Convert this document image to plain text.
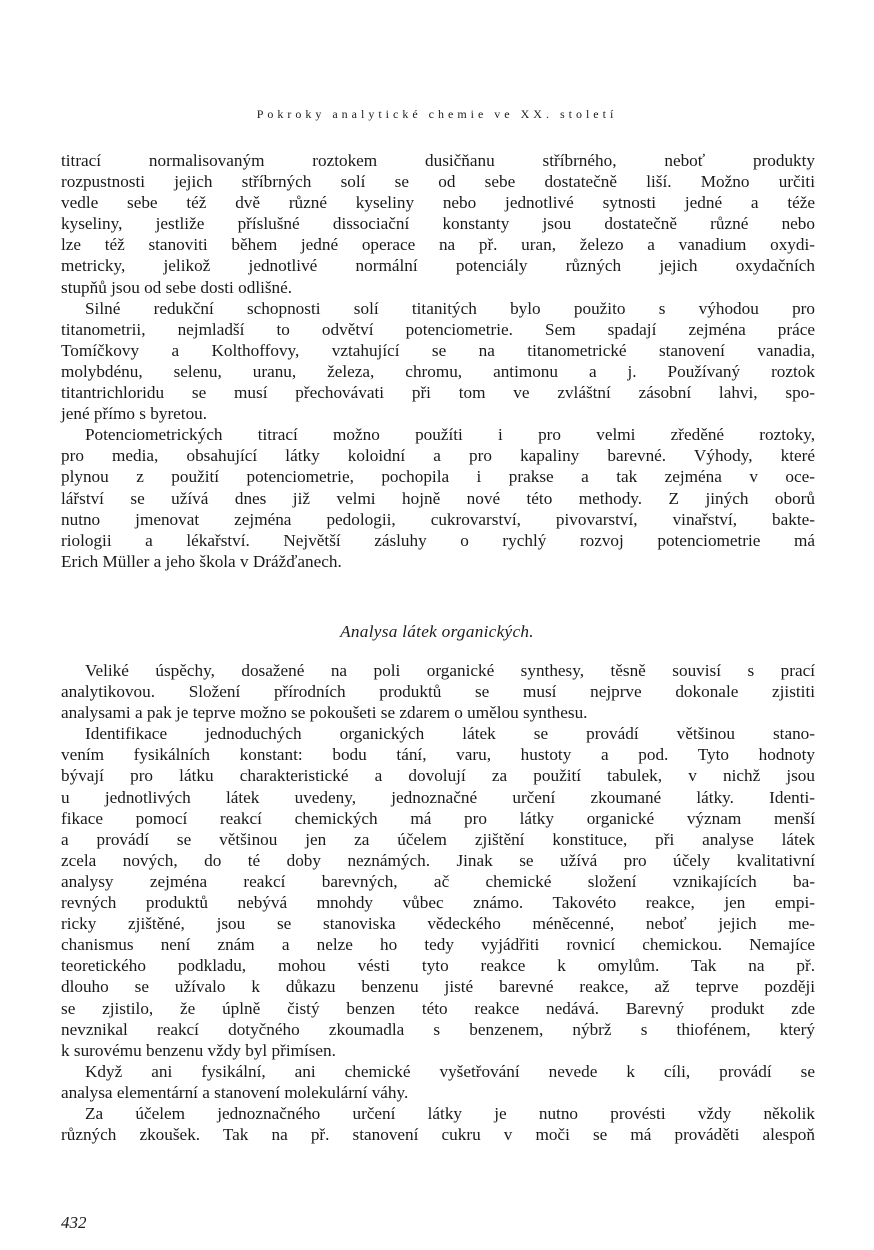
Pokroky analytické chemie ve XX. století
titrací normalisovaným roztokem dusičňanu stříbrného, neboť produkty
rozpustnosti jejich stříbrných solí se od sebe dostatečně liší. Možno určiti
vedle sebe též dvě různé kyseliny nebo jednotlivé sytnosti jedné a téže
kyseliny, jestliže příslušné dissociační konstanty jsou dostatečně různé nebo
lze též stanoviti během jedné operace na př. uran, železo a vanadium oxydi-
metricky, jelikož jednotlivé normální potenciály různých jejich oxydačních
stupňů jsou od sebe dosti odlišné.
Silné redukční schopnosti solí titanitých bylo použito s výhodou pro
titanometrii, nejmladší to odvětví potenciometrie. Sem spadají zejména práce
Tomíčkovy a Kolthoffovy, vztahující se na titanometrické stanovení vanadia,
molybdénu, selenu, uranu, železa, chromu, antimonu a j. Používaný roztok
titantrichloridu se musí přechovávati při tom ve zvláštní zásobní lahvi, spo-
jené přímo s byretou.
Potenciometrických titrací možno použíti i pro velmi zředěné roztoky,
pro media, obsahující látky koloidní a pro kapaliny barevné. Výhody, které
plynou z použití potenciometrie, pochopila i prakse a tak zejména v oce-
lářství se užívá dnes již velmi hojně nové této methody. Z jiných oborů
nutno jmenovat zejména pedologii, cukrovarství, pivovarství, vinařství, bakte-
riologii a lékařství. Největší zásluhy o rychlý rozvoj potenciometrie má
Erich Müller a jeho škola v Drážďanech.
Analysa látek organických.
Veliké úspěchy, dosažené na poli organické synthesy, těsně souvisí s prací
analytikovou. Složení přírodních produktů se musí nejprve dokonale zjistiti
analysami a pak je teprve možno se pokoušeti se zdarem o umělou synthesu.
Identifikace jednoduchých organických látek se provádí většinou stano-
vením fysikálních konstant: bodu tání, varu, hustoty a pod. Tyto hodnoty
bývají pro látku charakteristické a dovolují za použití tabulek, v nichž jsou
u jednotlivých látek uvedeny, jednoznačné určení zkoumané látky. Identi-
fikace pomocí reakcí chemických má pro látky organické význam menší
a provádí se většinou jen za účelem zjištění konstituce, při analyse látek
zcela nových, do té doby neznámých. Jinak se užívá pro účely kvalitativní
analysy zejména reakcí barevných, ač chemické složení vznikajících ba-
revných produktů nebývá mnohdy vůbec známo. Takovéto reakce, jen empi-
ricky zjištěné, jsou se stanoviska vědeckého méněcenné, neboť jejich me-
chanismus není znám a nelze ho tedy vyjádřiti rovnicí chemickou. Nemajíce
teoretického podkladu, mohou vésti tyto reakce k omylům. Tak na př.
dlouho se užívalo k důkazu benzenu jisté barevné reakce, až teprve později
se zjistilo, že úplně čistý benzen této reakce nedává. Barevný produkt zde
nevznikal reakcí dotyčného zkoumadla s benzenem, nýbrž s thiofénem, který
k surovému benzenu vždy byl přimísen.
Když ani fysikální, ani chemické vyšetřování nevede k cíli, provádí se
analysa elementární a stanovení molekulární váhy.
Za účelem jednoznačného určení látky je nutno provésti vždy několik
různých zkoušek. Tak na př. stanovení cukru v moči se má prováděti alespoň
432
